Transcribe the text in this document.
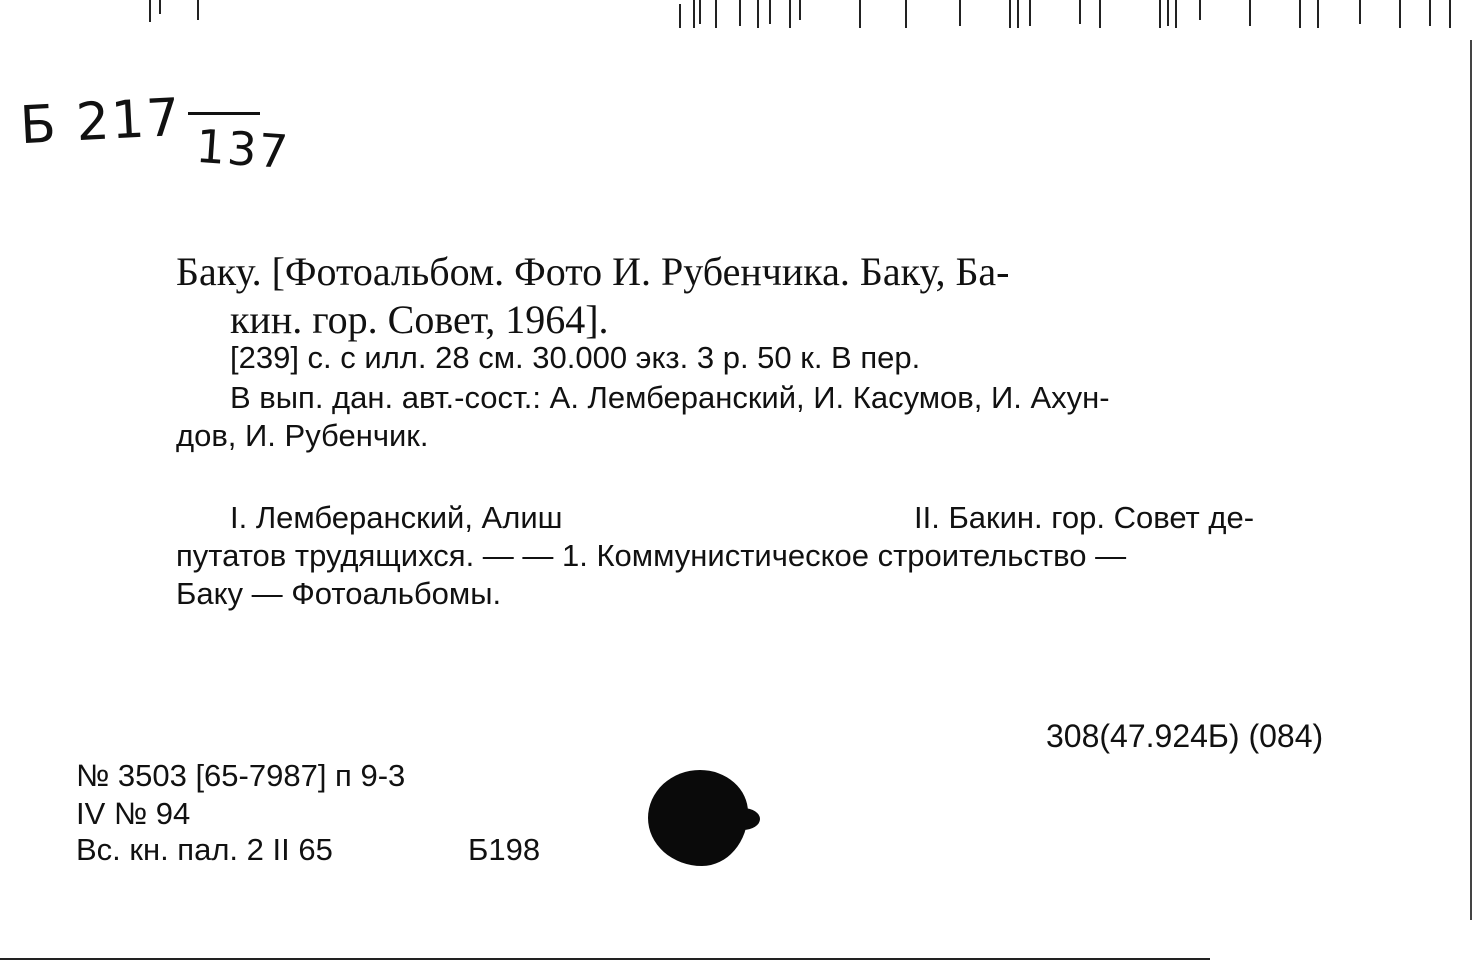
Б 217 137
Баку. [Фотоальбом. Фото И. Рубенчика. Баку, Ба-
кин. гор. Совет, 1964].
[239] с. с илл. 28 см. 30.000 экз. 3 р. 50 к. В пер.
В вып. дан. авт.-сост.: А. Лемберанский, И. Касумов, И. Ахун-
дов, И. Рубенчик.
I. Лемберанский, Алиш	II. Бакин. гор. Совет де-
путатов трудящихся. — — 1. Коммунистическое строительство —
Баку — Фотоальбомы.
308(47.924Б) (084)
№ 3503 [65-7987] п 9-3
IV № 94
Вс. кн. пал. 2 II 65	Б198
